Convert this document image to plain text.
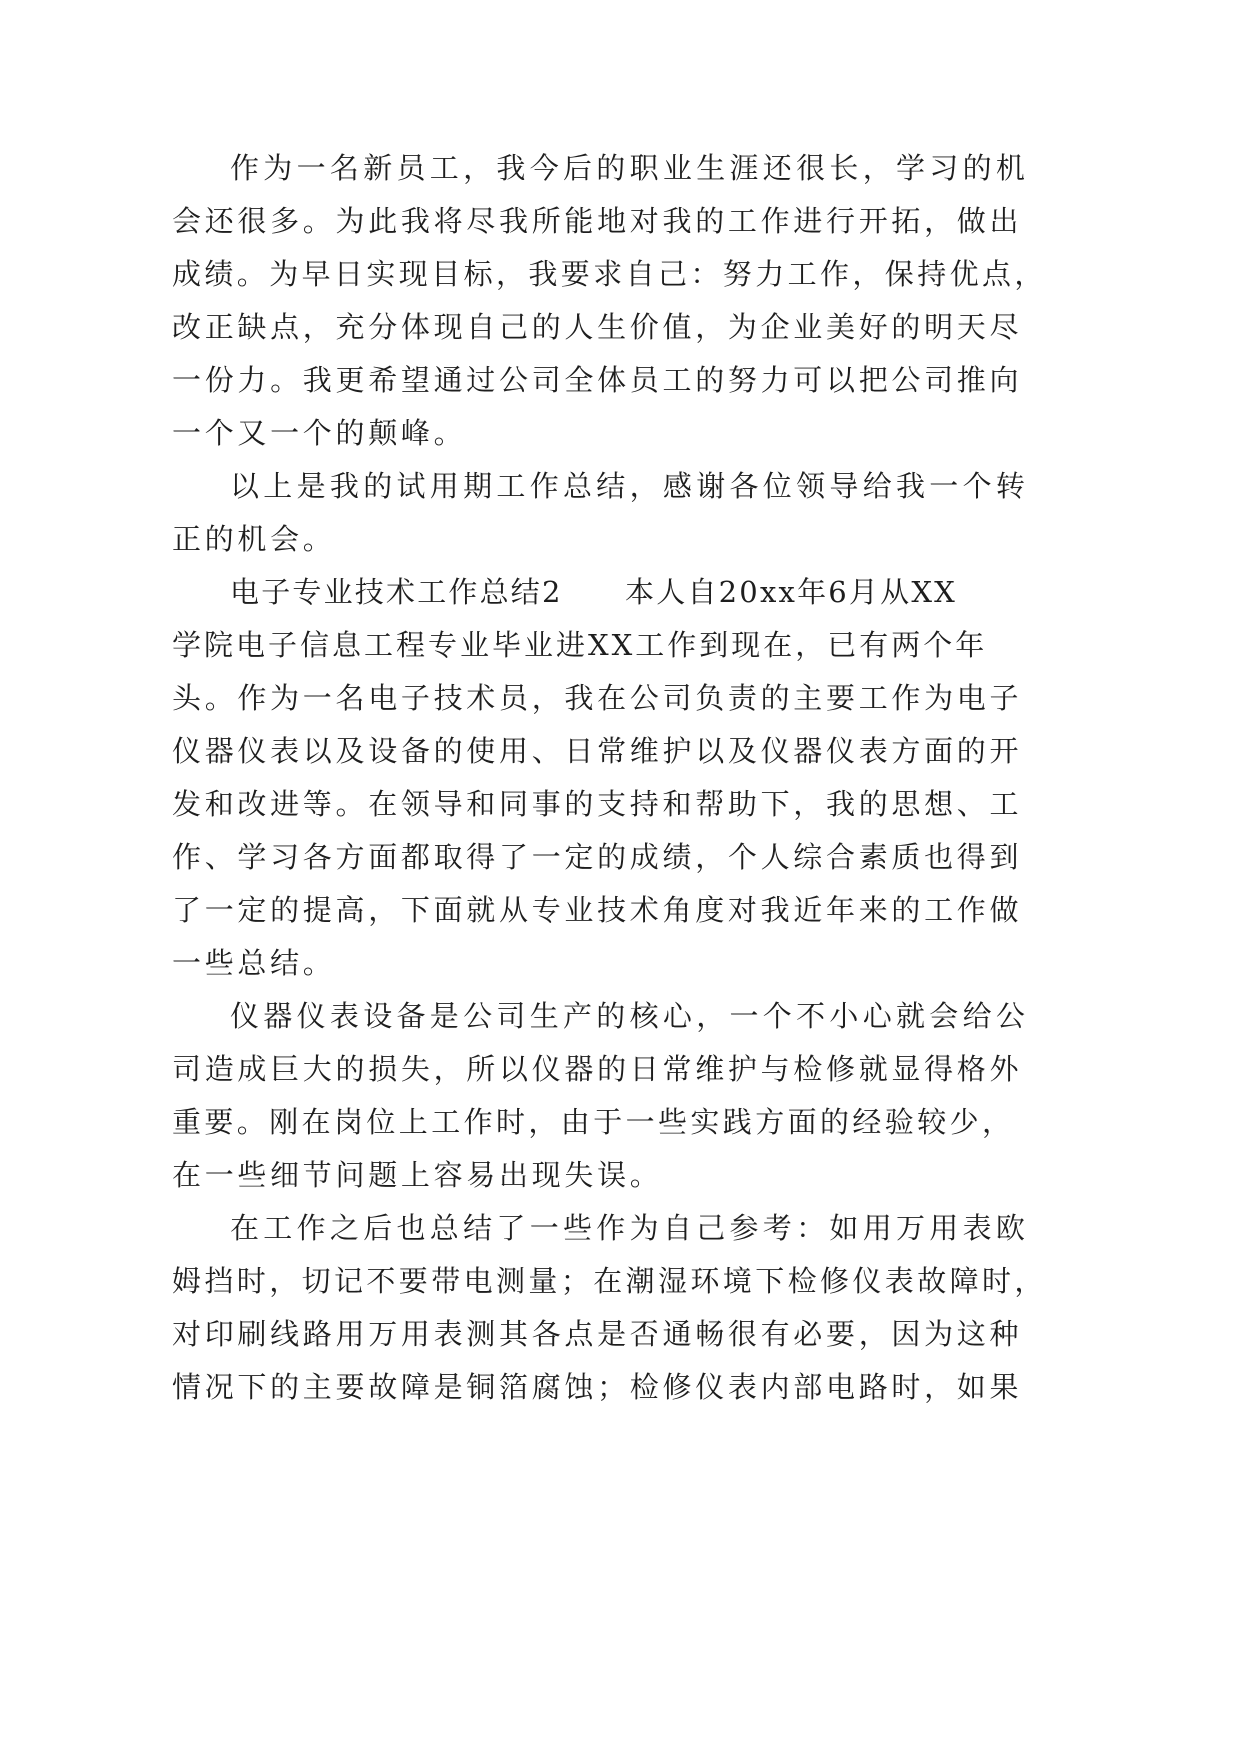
作为一名新员工，我今后的职业生涯还很长，学习的机
会还很多。为此我将尽我所能地对我的工作进行开拓，做出
成绩。为早日实现目标，我要求自己：努力工作，保持优点，
改正缺点，充分体现自己的人生价值，为企业美好的明天尽
一份力。我更希望通过公司全体员工的努力可以把公司推向
一个又一个的颠峰。
以上是我的试用期工作总结，感谢各位领导给我一个转
正的机会。
电子专业技术工作总结2　　本人自20xx年6月从XX
学院电子信息工程专业毕业进XX工作到现在，已有两个年
头。作为一名电子技术员，我在公司负责的主要工作为电子
仪器仪表以及设备的使用、日常维护以及仪器仪表方面的开
发和改进等。在领导和同事的支持和帮助下，我的思想、工
作、学习各方面都取得了一定的成绩，个人综合素质也得到
了一定的提高，下面就从专业技术角度对我近年来的工作做
一些总结。
仪器仪表设备是公司生产的核心，一个不小心就会给公
司造成巨大的损失，所以仪器的日常维护与检修就显得格外
重要。刚在岗位上工作时，由于一些实践方面的经验较少，
在一些细节问题上容易出现失误。
在工作之后也总结了一些作为自己参考：如用万用表欧
姆挡时，切记不要带电测量；在潮湿环境下检修仪表故障时，
对印刷线路用万用表测其各点是否通畅很有必要，因为这种
情况下的主要故障是铜箔腐蚀；检修仪表内部电路时，如果
